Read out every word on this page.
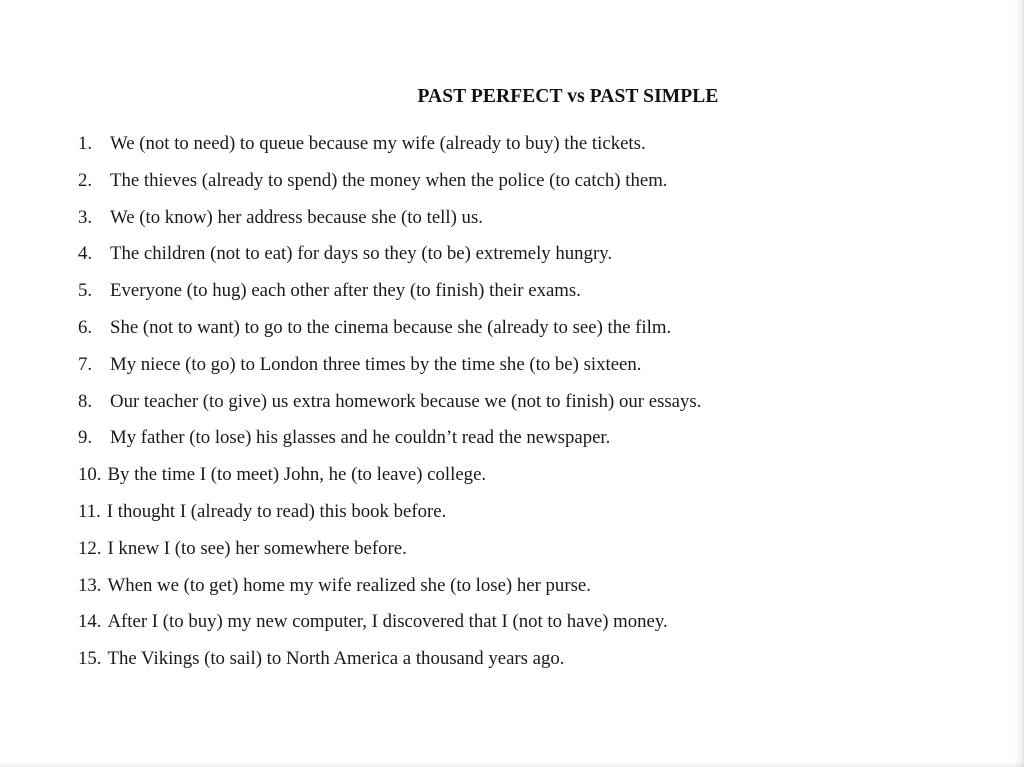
PAST PERFECT vs PAST SIMPLE
1. We (not to need) to queue because my wife (already to buy) the tickets.
2. The thieves (already to spend) the money when the police (to catch) them.
3. We (to know) her address because she (to tell) us.
4. The children (not to eat) for days so they (to be) extremely hungry.
5. Everyone (to hug) each other after they (to finish) their exams.
6. She (not to want) to go to the cinema because she (already to see) the film.
7. My niece (to go) to London three times by the time she (to be) sixteen.
8. Our teacher (to give) us extra homework because we (not to finish) our essays.
9. My father (to lose) his glasses and he couldn’t read the newspaper.
10. By the time I (to meet) John, he (to leave) college.
11. I thought I (already to read) this book before.
12. I knew I (to see) her somewhere before.
13. When we (to get) home my wife realized she (to lose) her purse.
14. After I (to buy) my new computer, I discovered that I (not to have) money.
15. The Vikings (to sail) to North America a thousand years ago.
